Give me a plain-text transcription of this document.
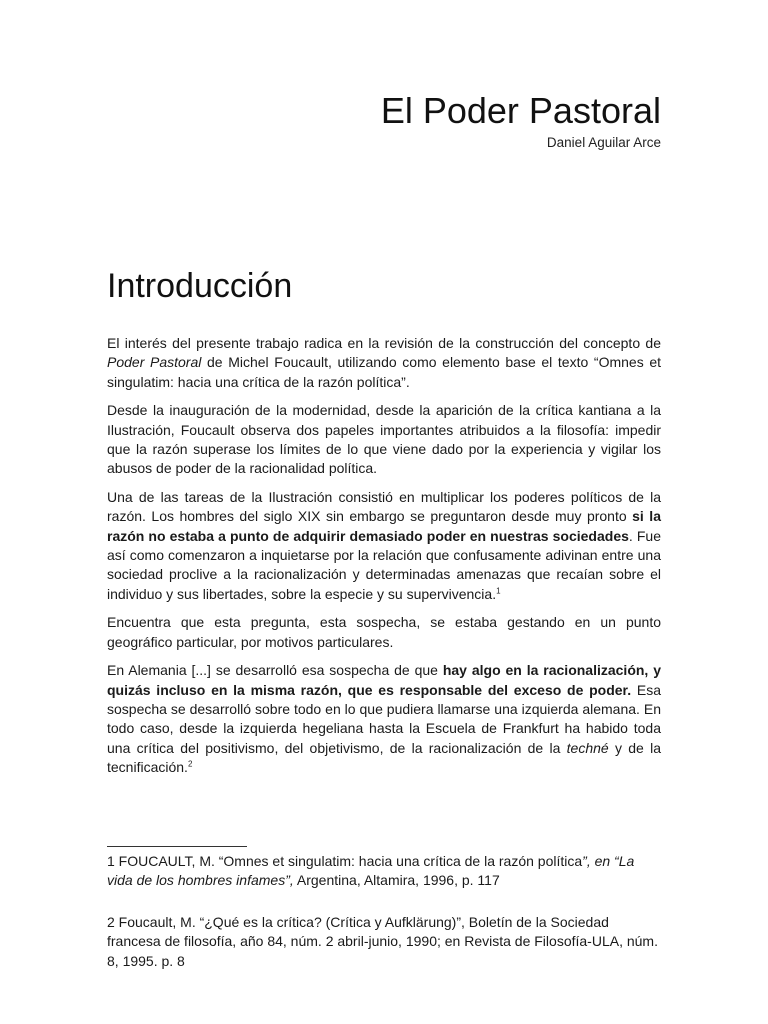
El Poder Pastoral
Daniel Aguilar Arce
Introducción

El interés del presente trabajo radica en la revisión de la construcción del concepto de Poder Pastoral de Michel Foucault, utilizando como elemento base el texto “Omnes et singulatim: hacia una crítica de la razón política”.

Desde la inauguración de la modernidad, desde la aparición de la crítica kantiana a la Ilustración, Foucault observa dos papeles importantes atribuidos a la filosofía: impedir que la razón superase los límites de lo que viene dado por la experiencia y vigilar los abusos de poder de la racionalidad política.

Una de las tareas de la Ilustración consistió en multiplicar los poderes políticos de la razón. Los hombres del siglo XIX sin embargo se preguntaron desde muy pronto si la razón no estaba a punto de adquirir demasiado poder en nuestras sociedades. Fue así como comenzaron a inquietarse por la relación que confusamente adivinan entre una sociedad proclive a la racionalización y determinadas amenazas que recaían sobre el individuo y sus libertades, sobre la especie y su supervivencia.$^1$

Encuentra que esta pregunta, esta sospecha, se estaba gestando en un punto geográfico particular, por motivos particulares.

En Alemania [...] se desarrolló esa sospecha de que hay algo en la racionalización, y quizás incluso en la misma razón, que es responsable del exceso de poder. Esa sospecha se desarrolló sobre todo en lo que pudiera llamarse una izquierda alemana. En todo caso, desde la izquierda hegeliana hasta la Escuela de Frankfurt ha habido toda una crítica del positivismo, del objetivismo, de la racionalización de la techné y de la tecnificación.$^2$

1 FOUCAULT, M. “Omnes et singulatim: hacia una crítica de la razón política”, en “La vida de los hombres infames”, Argentina, Altamira, 1996, p. 117

2 Foucault, M. “¿Qué es la crítica? (Crítica y Aufklärung)”, Boletín de la Sociedad francesa de filosofía, año 84, núm. 2 abril-junio, 1990; en Revista de Filosofía-ULA, núm. 8, 1995. p. 8
